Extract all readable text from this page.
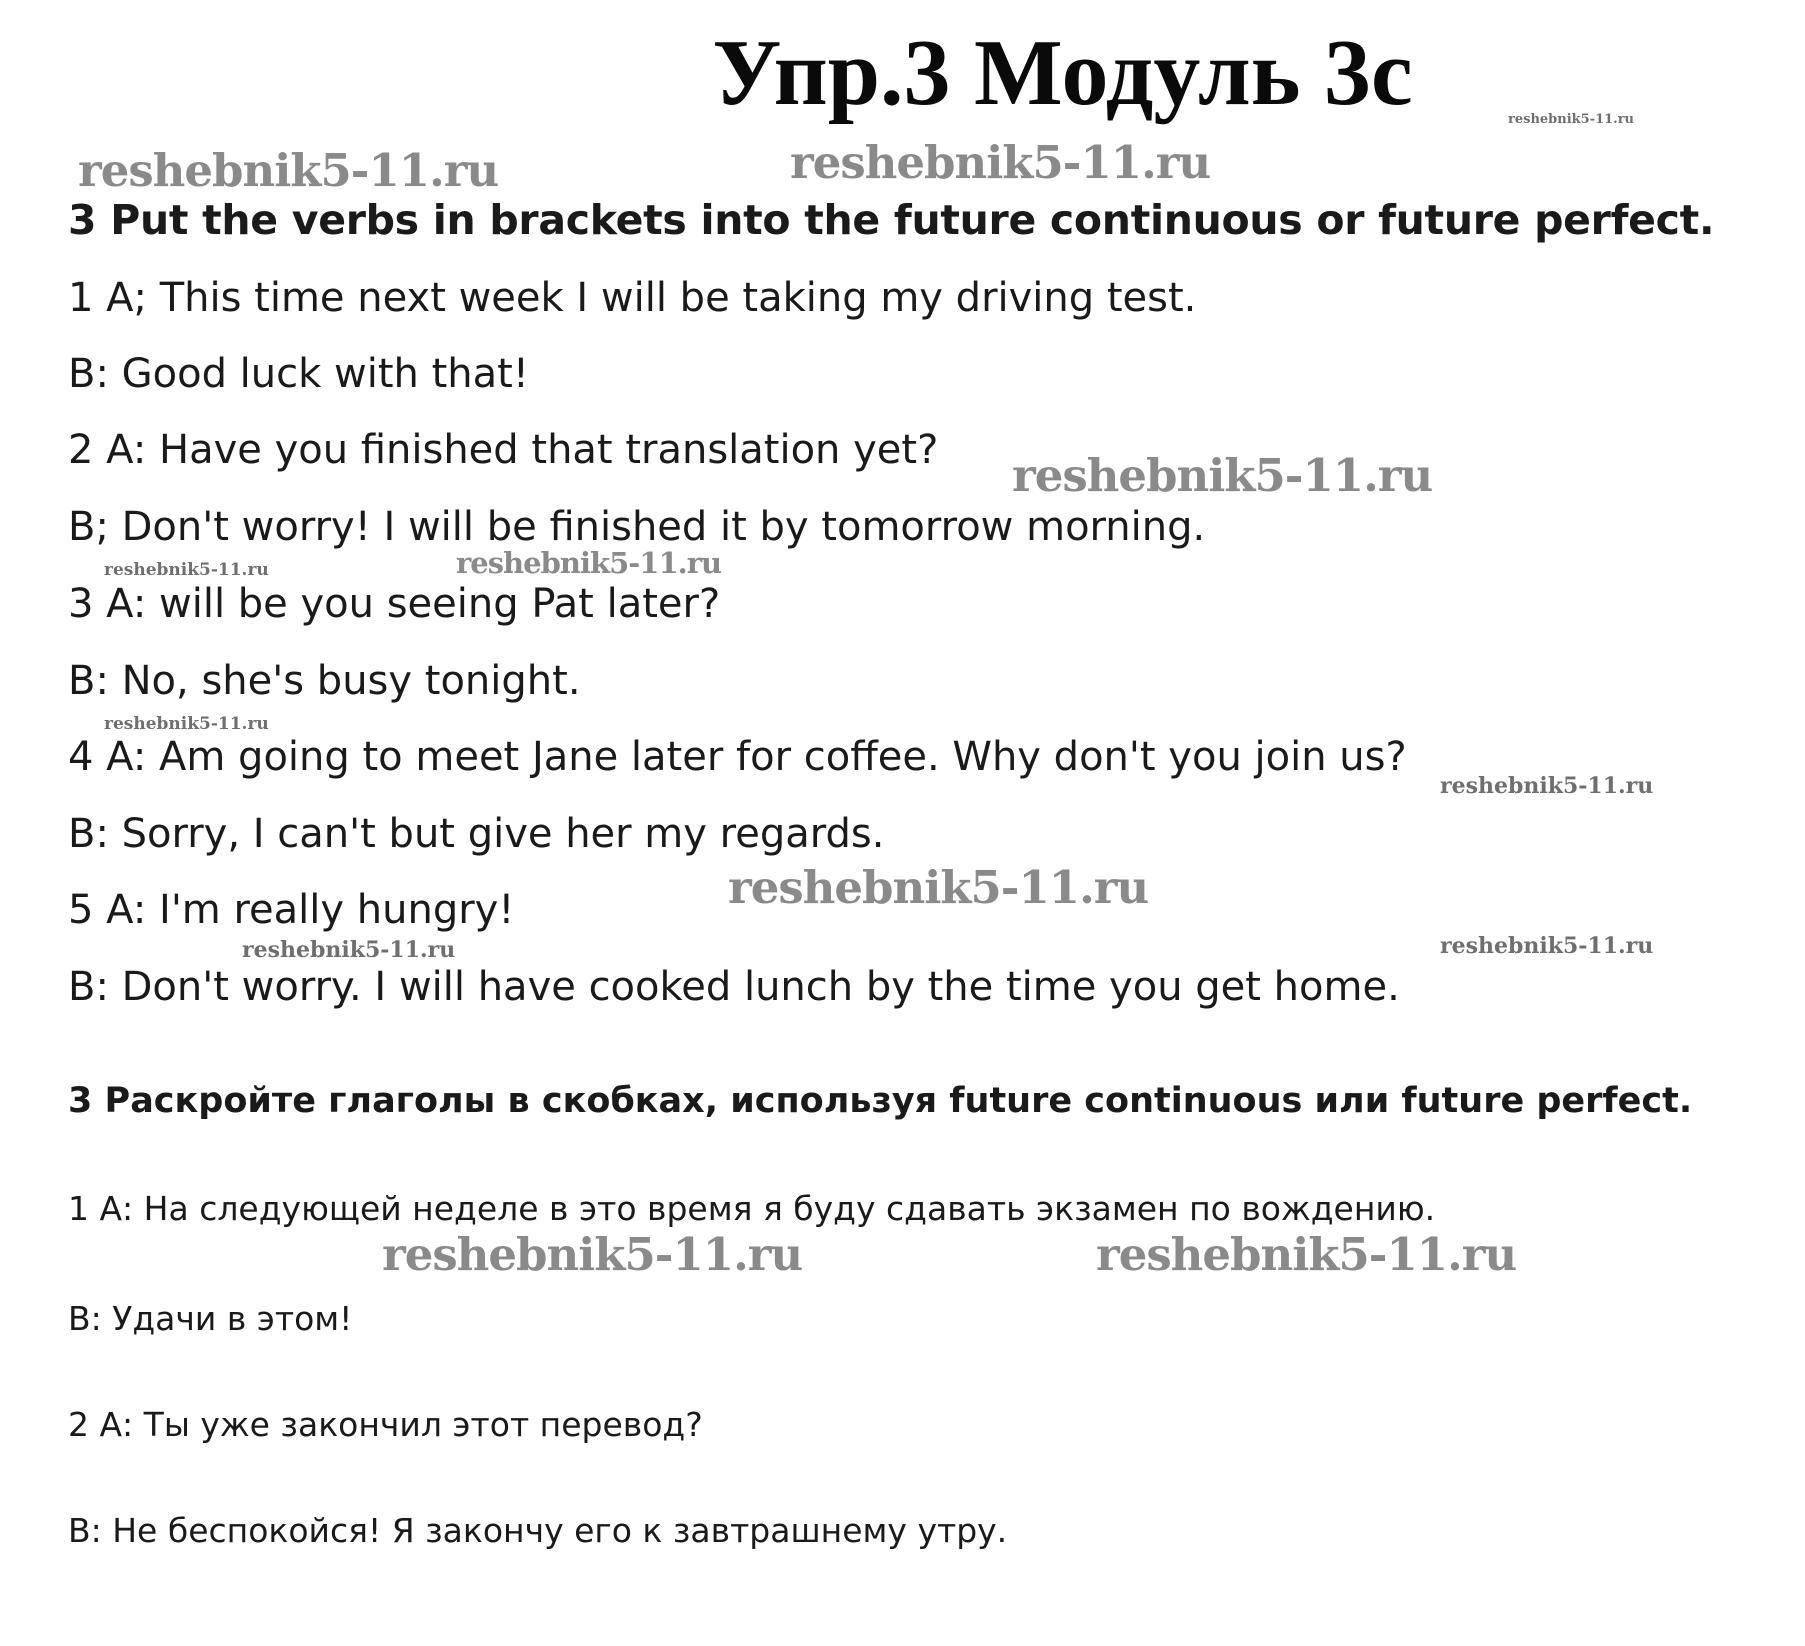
Упр.3 Модуль 3c	reshebnik5-11.ru
reshebnik5-11.ru	reshebnik5-11.ru
reshebnik5-11.ru
reshebnik5-11.ru	reshebnik5-11.ru
reshebnik5-11.ru
reshebnik5-11.ru
reshebnik5-11.ru
reshebnik5-11.ru	reshebnik5-11.ru
reshebnik5-11.ru	reshebnik5-11.ru
3 Put the verbs in brackets into the future continuous or future perfect.
1 A; This time next week I will be taking my driving test.
B: Good luck with that!
2 A: Have you finished that translation yet?
B; Don't worry! I will be finished it by tomorrow morning.
3 A: will be you seeing Pat later?
B: No, she's busy tonight.
4 A: Am going to meet Jane later for coffee. Why don't you join us?
B: Sorry, I can't but give her my regards.
5 A: I'm really hungry!
B: Don't worry. I will have cooked lunch by the time you get home.
3 Раскройте глаголы в скобках, используя future continuous или future perfect.
1 А: На следующей неделе в это время я буду сдавать экзамен по вождению.
В: Удачи в этом!
2 А: Ты уже закончил этот перевод?
В: Не беспокойся! Я закончу его к завтрашнему утру.
